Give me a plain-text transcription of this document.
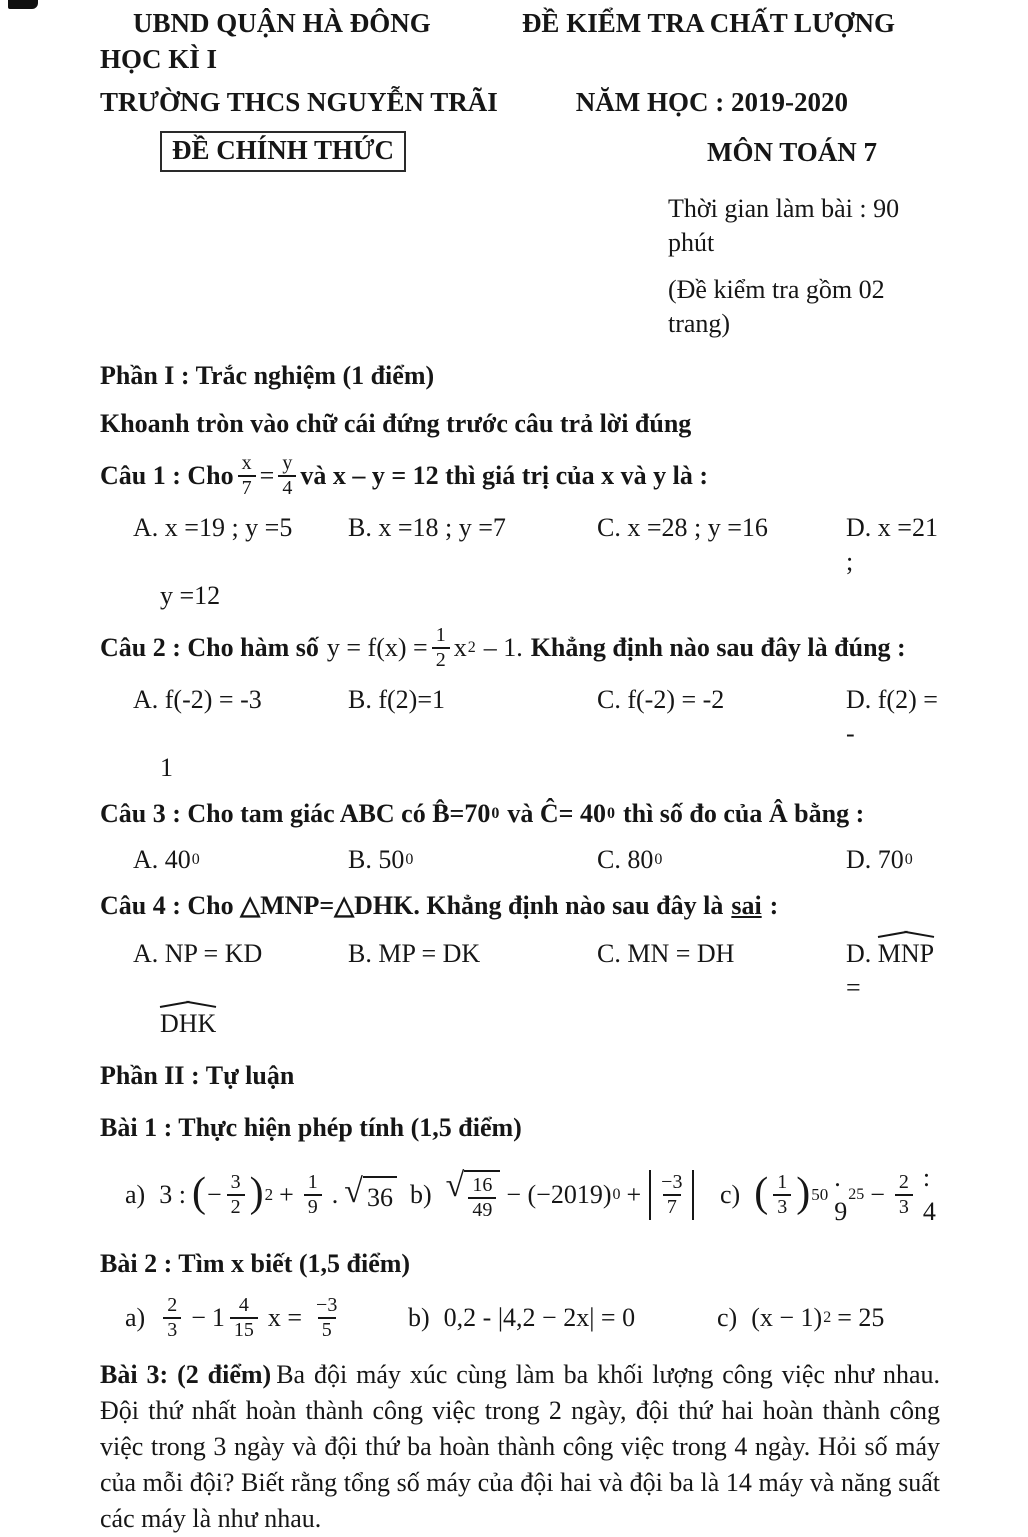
UBND QUẬN HÀ ĐÔNG	ĐỀ KIỂM TRA CHẤT LƯỢNG
HỌC KÌ I
TRƯỜNG THCS NGUYỄN TRÃI	NĂM HỌC : 2019-2020
ĐỀ CHÍNH THỨC	MÔN TOÁN 7
Thời gian làm bài : 90 phút
(Đề kiểm tra gồm 02 trang)
Phần I : Trắc nghiệm (1 điểm)
Khoanh tròn vào chữ cái đứng trước câu trả lời đúng
Câu 1 : Cho $\frac{x}{7} = \frac{y}{4}$ và x – y = 12 thì giá trị của x và y là :
A. x =19 ; y =5	B. x =18 ; y =7	C. x =28 ; y =16	D. x =21 ;
y =12
Câu 2 : Cho hàm số $y = f(x) = \frac{1}{2}$ x 2 – 1. Khẳng định nào sau đây là đúng :
A. f(-2) = -3	B. f(2)=1	C. f(-2) = -2	D. f(2) = -
1
Câu 3 : Cho tam giác ABC có B̂=70 0 và Ĉ= 40 0 thì số đo của Â bằng :
A. 40 0	B. 50 0	C. 80 0	D. 70 0
Câu 4 : Cho △MNP=△DHK. Khẳng định nào sau đây là sai :
A. NP = KD	B. MP = DK	C. MN = DH	D. MNP =
DHK
Phần II : Tự luận
Bài 1 : Thực hiện phép tính (1,5 điểm)
a) 3 : ( − $\frac{3}{2}$ ) $2 + \frac{1}{9}$ . √ 36 b) √ $\frac{16}{49} - (-2019) 0 + \frac{-3}{7} c$) ( $\frac{1}{3}$ ) 50
. 9
$25 - \frac{2}{3}$ : 4
Bài 2 : Tìm x biết (1,5 điểm)
$a) \frac{2}{3} - 1 \frac{4}{15}$ $x = \frac{-3}{5}$	b) 0,2 - |4,2 − 2x| = 0	c) (x − 1) 2 = 25
Bài 3: (2 điểm) Ba đội máy xúc cùng làm ba khối lượng công việc như nhau. Đội thứ nhất hoàn thành công việc trong 2 ngày, đội thứ hai hoàn thành công việc trong 3 ngày và đội thứ ba hoàn thành công việc trong 4 ngày. Hỏi số máy của mỗi đội? Biết rằng tổng số máy của đội hai và đội ba là 14 máy và năng suất các máy là như nhau.
